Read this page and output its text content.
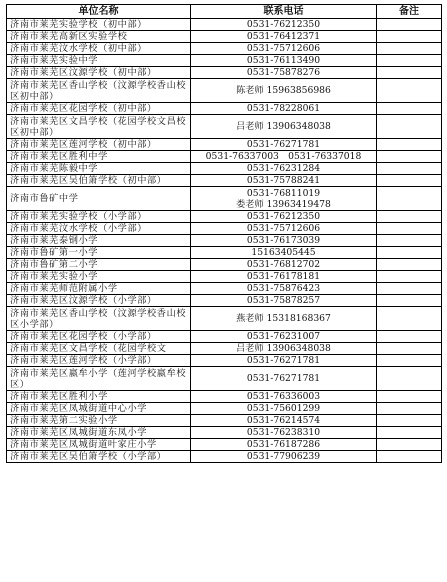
单位名称	联系电话	备注
济南市莱芜实验学校（初中部）	0531-76212350	

济南市莱芜高新区实验学校	0531-76412371	

济南市莱芜汶水学校（初中部）	0531-75712606	

济南市莱芜实验中学	0531-76113490	

济南市莱芜区汶源学校（初中部）	0531-75878276	

济南市莱芜区香山学校（汶源学校香山校区初中部）	陈老师 15963856986	

济南市莱芜区花园学校（初中部）	0531-78228061	

济南市莱芜区文昌学校（花园学校文昌校区初中部）	吕老师 13906348038	

济南市莱芜区莲河学校（初中部）	0531-76271781	

济南市莱芜区胜利中学	0531-76337003　0531-76337018	

济南市莱芜陈毅中学	0531-76231284	

济南市莱芜区吴伯箫学校（初中部）	0531-75788241	

济南市鲁矿中学	0531-76811019
娄老师 13963419478	

济南市莱芜实验学校（小学部）	0531-76212350	

济南市莱芜汶水学校（小学部）	0531-75712606	

济南市莱芜泰钢小学	0531-76173039	

济南市鲁矿第一小学	15163405445	

济南市鲁矿第二小学	0531-76812702	

济南市莱芜实验小学	0531-76178181	

济南市莱芜师范附属小学	0531-75876423	

济南市莱芜区汶源学校（小学部）	0531-75878257	

济南市莱芜区香山学校（汶源学校香山校区小学部）	燕老师 15318168367	

济南市莱芜区花园学校（小学部）	0531-76231007	

济南市莱芜区文昌学校（花园学校文	吕老师 13906348038	

济南市莱芜区莲河学校（小学部）	0531-76271781	

济南市莱芜区嬴牟小学（莲河学校嬴牟校区）	0531-76271781	

济南市莱芜区胜利小学	0531-76336003	

济南市莱芜区凤城街道中心小学	0531-75601299	

济南市莱芜第二实验小学	0531-76214574	

济南市莱芜区凤城街道东凤小学	0531-76238310	

济南市莱芜区凤城街道叶家庄小学	0531-76187286	

济南市莱芜区吴伯箫学校（小学部）	0531-77906239	
